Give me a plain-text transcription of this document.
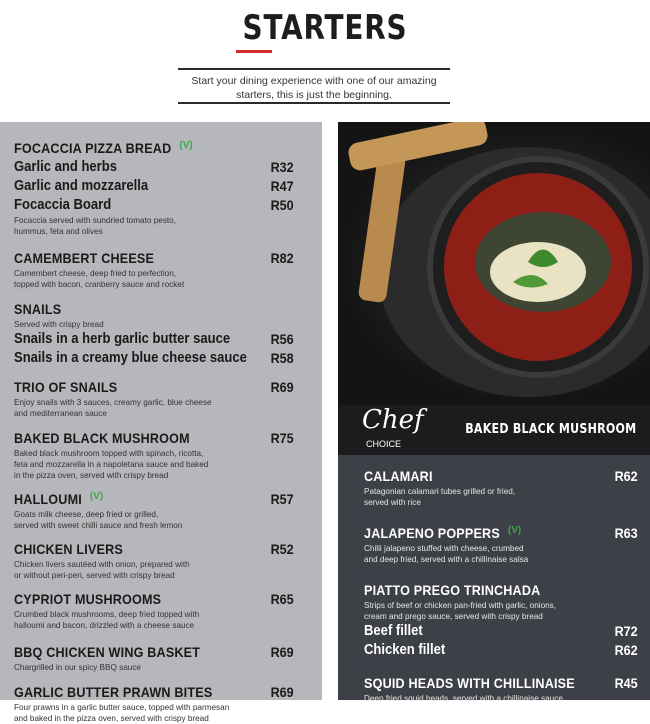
STARTERS
Start your dining experience with one of our amazing starters, this is just the beginning.
FOCACCIA PIZZA BREAD (V)
R32
Garlic and herbs
R47
Garlic and mozzarella
R50
Focaccia Board
Focaccia served with sundried tomato pesto,
hummus, feta and olives
R82
CAMEMBERT CHEESE
Camembert cheese, deep fried to perfection,
topped with bacon, cranberry sauce and rocket
SNAILS
Served with crispy bread
R56
Snails in a herb garlic butter sauce
R58
Snails in a creamy blue cheese sauce
R69
TRIO OF SNAILS
Enjoy snails with 3 sauces, creamy garlic, blue cheese
and mediterranean sauce
R75
BAKED BLACK MUSHROOM
Baked black mushroom topped with spinach, ricotta,
feta and mozzarella in a napoletana sauce and baked
in the pizza oven, served with crispy bread
R57
HALLOUMI (V)
Goats milk cheese, deep fried or grilled,
served with sweet chilli sauce and fresh lemon
R52
CHICKEN LIVERS
Chicken livers sautéed with onion, prepared with
or without peri-peri, served with crispy bread
R65
CYPRIOT MUSHROOMS
Crumbed black mushrooms, deep fried topped with
halloumi and bacon, drizzled with a cheese sauce
R69
BBQ CHICKEN WING BASKET
Chargrilled in our spicy BBQ sauce
R69
GARLIC BUTTER PRAWN BITES
Four prawns in a garlic butter sauce, topped with parmesan
and baked in the pizza oven, served with crispy bread
Chef
CHOICE
BAKED BLACK MUSHROOM
R62
CALAMARI
Patagonian calamari tubes grilled or fried,
served with rice
R63
JALAPENO POPPERS (V)
Chilli jalapeno stuffed with cheese, crumbed
and deep fried, served with a chillinaise salsa
PIATTO PREGO TRINCHADA
Strips of beef or chicken pan-fried with garlic, onions,
cream and prego sauce, served with crispy bread
R72
Beef fillet
R62
Chicken fillet
R45
SQUID HEADS WITH CHILLINAISE
Deep fried squid heads, served with a chillinaise sauce
